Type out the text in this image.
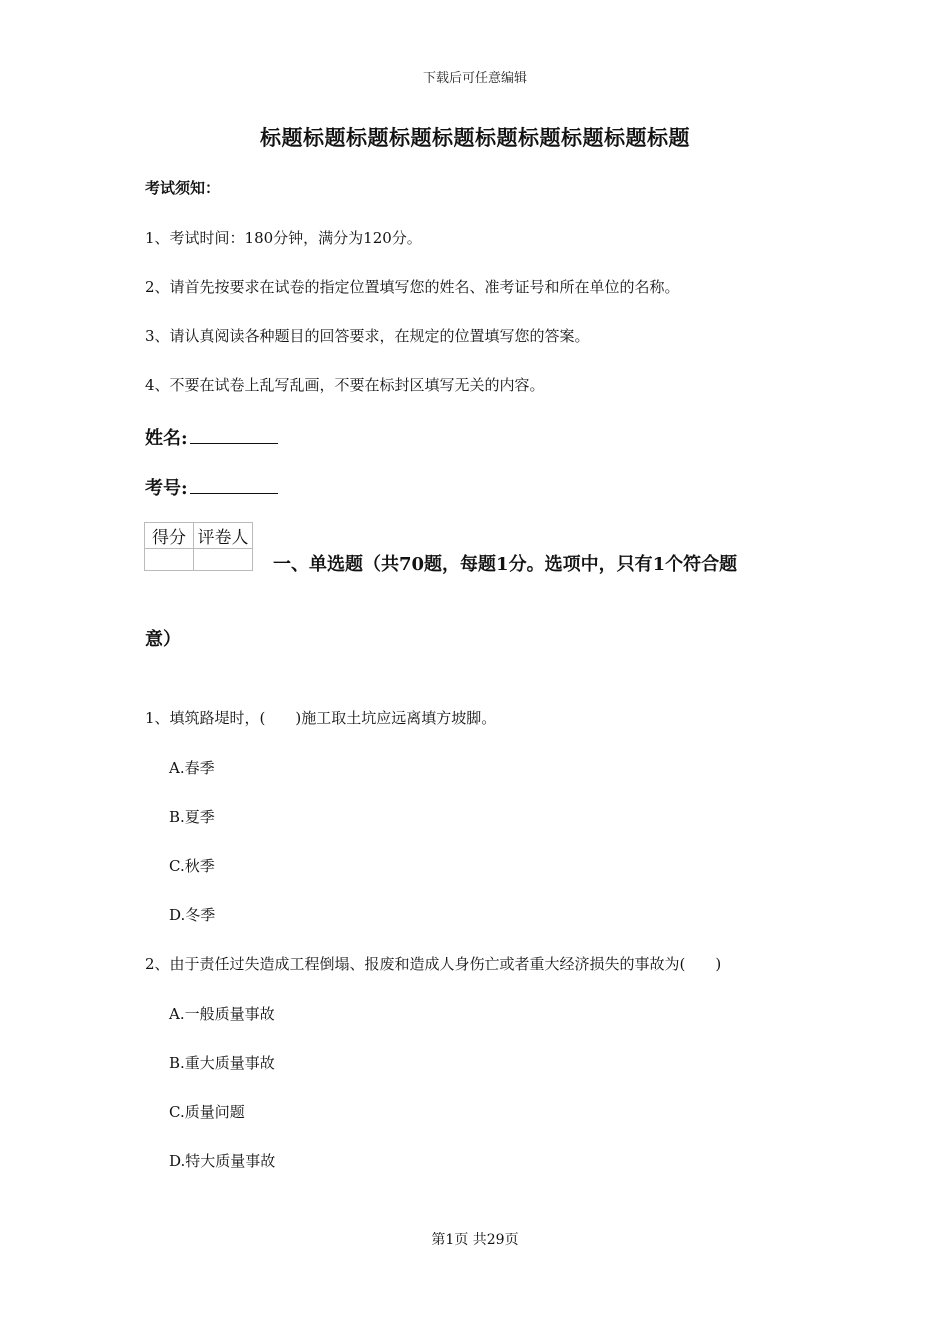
下载后可任意编辑
标题标题标题标题标题标题标题标题标题标题
考试须知：
1、考试时间：180分钟，满分为120分。
2、请首先按要求在试卷的指定位置填写您的姓名、准考证号和所在单位的名称。
3、请认真阅读各种题目的回答要求，在规定的位置填写您的答案。
4、不要在试卷上乱写乱画，不要在标封区填写无关的内容。
姓名:
考号:
得分	评卷人

一、单选题（共70题，每题1分。选项中，只有1个符合题
意）
1、填筑路堤时，(　　)施工取土坑应远离填方坡脚。
A.春季
B.夏季
C.秋季
D.冬季
2、由于责任过失造成工程倒塌、报废和造成人身伤亡或者重大经济损失的事故为(　　)
A.一般质量事故
B.重大质量事故
C.质量问题
D.特大质量事故
第1页 共29页
